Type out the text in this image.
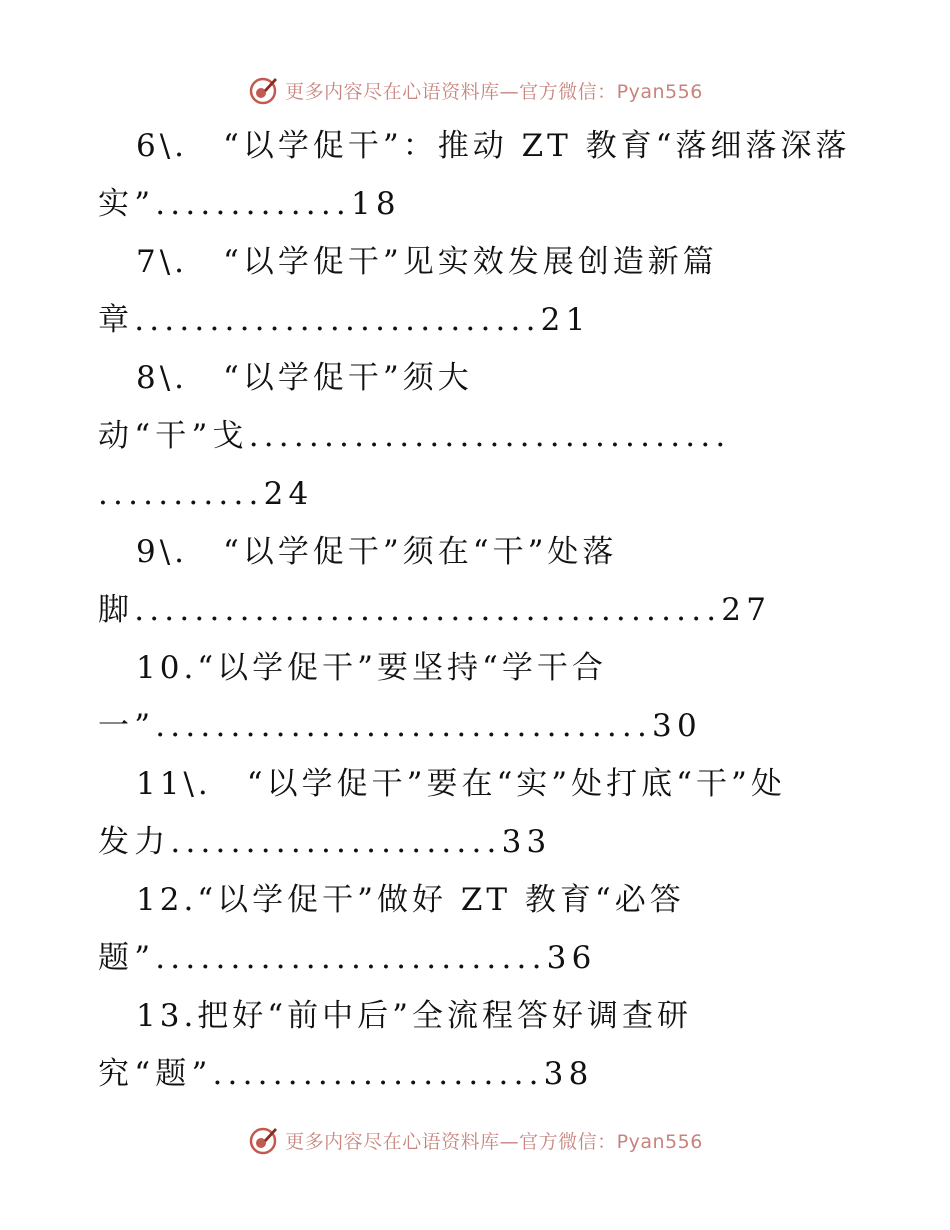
更多内容尽在心语资料库—官方微信：Pyan556
6\.　“以学促干”：推动 ZT 教育“落细落深落
实”.............18
7\.　“以学促干”见实效发展创造新篇
章...........................21
8\.　“以学促干”须大
动“干”戈................................
...........24
9\.　“以学促干”须在“干”处落
脚.......................................27
10.“以学促干”要坚持“学干合
一”.................................30
11\.　“以学促干”要在“实”处打底“干”处
发力......................33
12.“以学促干”做好 ZT 教育“必答
题”..........................36
13.把好“前中后”全流程答好调查研
究“题”......................38
更多内容尽在心语资料库—官方微信：Pyan556
